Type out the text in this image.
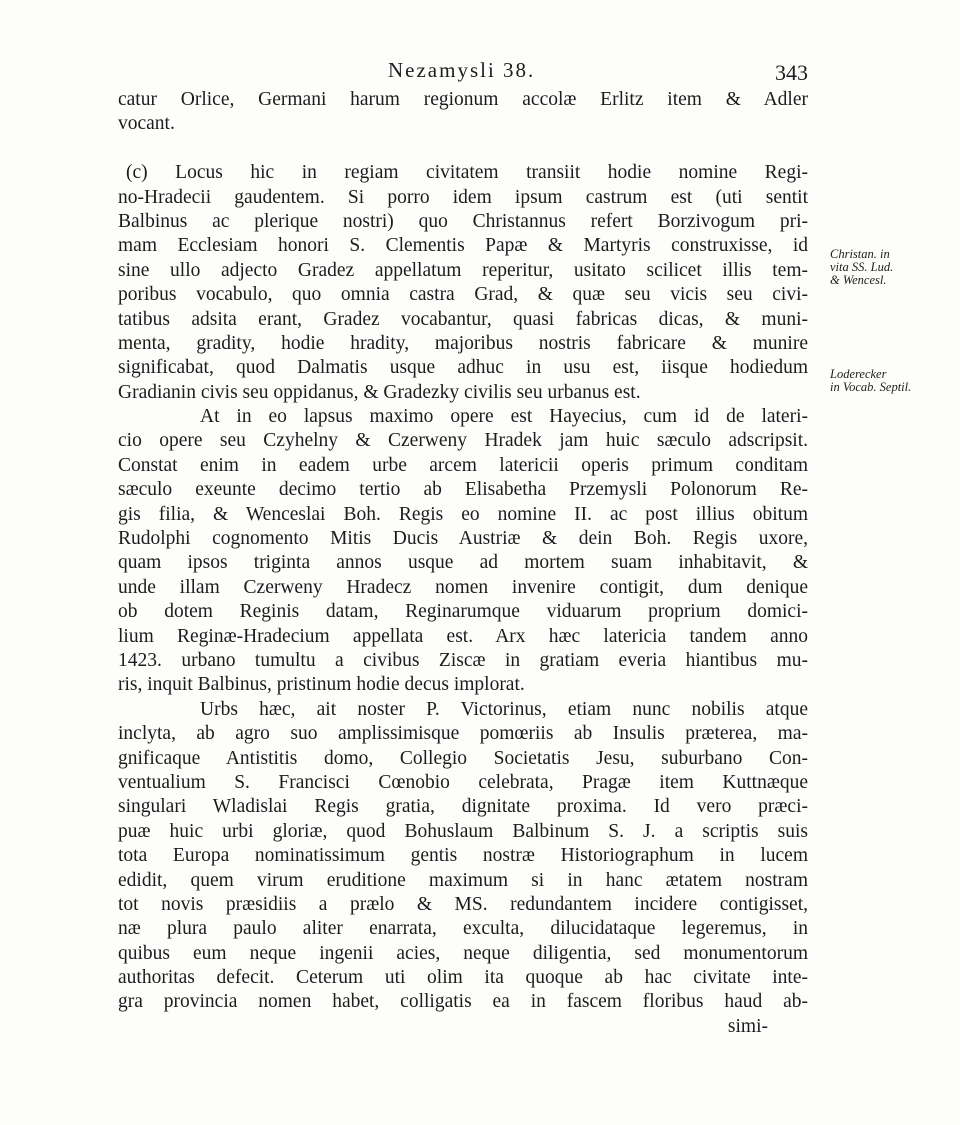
Nezamysli 38.	343
catur Orlice, Germani harum regionum accolæ Erlitz item & Adler
vocant.
(c) Locus hic in regiam civitatem transiit hodie nomine Regi-
no-Hradecii gaudentem. Si porro idem ipsum castrum est (uti sentit
Balbinus ac plerique nostri) quo Christannus refert Borzivogum pri-
mam Ecclesiam honori S. Clementis Papæ & Martyris construxisse, id
sine ullo adjecto Gradez appellatum reperitur, usitato scilicet illis tem-
poribus vocabulo, quo omnia castra Grad, & quæ seu vicis seu civi-
tatibus adsita erant, Gradez vocabantur, quasi fabricas dicas, & muni-
menta, gradity, hodie hradity, majoribus nostris fabricare & munire
significabat, quod Dalmatis usque adhuc in usu est, iisque hodiedum
Gradianin civis seu oppidanus, & Gradezky civilis seu urbanus est.
At in eo lapsus maximo opere est Hayecius, cum id de lateri-
cio opere seu Czyhelny & Czerweny Hradek jam huic sæculo adscripsit.
Constat enim in eadem urbe arcem latericii operis primum conditam
sæculo exeunte decimo tertio ab Elisabetha Przemysli Polonorum Re-
gis filia, & Wenceslai Boh. Regis eo nomine II. ac post illius obitum
Rudolphi cognomento Mitis Ducis Austriæ & dein Boh. Regis uxore,
quam ipsos triginta annos usque ad mortem suam inhabitavit, &
unde illam Czerweny Hradecz nomen invenire contigit, dum denique
ob dotem Reginis datam, Reginarumque viduarum proprium domici-
lium Reginæ-Hradecium appellata est. Arx hæc latericia tandem anno
1423. urbano tumultu a civibus Ziscæ in gratiam everia hiantibus mu-
ris, inquit Balbinus, pristinum hodie decus implorat.
Urbs hæc, ait noster P. Victorinus, etiam nunc nobilis atque
inclyta, ab agro suo amplissimisque pomœriis ab Insulis præterea, ma-
gnificaque Antistitis domo, Collegio Societatis Jesu, suburbano Con-
ventualium S. Francisci Cœnobio celebrata, Pragæ item Kuttnæque
singulari Wladislai Regis gratia, dignitate proxima. Id vero præci-
puæ huic urbi gloriæ, quod Bohuslaum Balbinum S. J. a scriptis suis
tota Europa nominatissimum gentis nostræ Historiographum in lucem
edidit, quem virum eruditione maximum si in hanc ætatem nostram
tot novis præsidiis a prælo & MS. redundantem incidere contigisset,
næ plura paulo aliter enarrata, exculta, dilucidataque legeremus, in
quibus eum neque ingenii acies, neque diligentia, sed monumentorum
authoritas defecit. Ceterum uti olim ita quoque ab hac civitate inte-
gra provincia nomen habet, colligatis ea in fascem floribus haud ab-
simi-
Christan. in
vita SS. Lud.
& Wencesl.
Loderecker
in Vocab. Septil.
